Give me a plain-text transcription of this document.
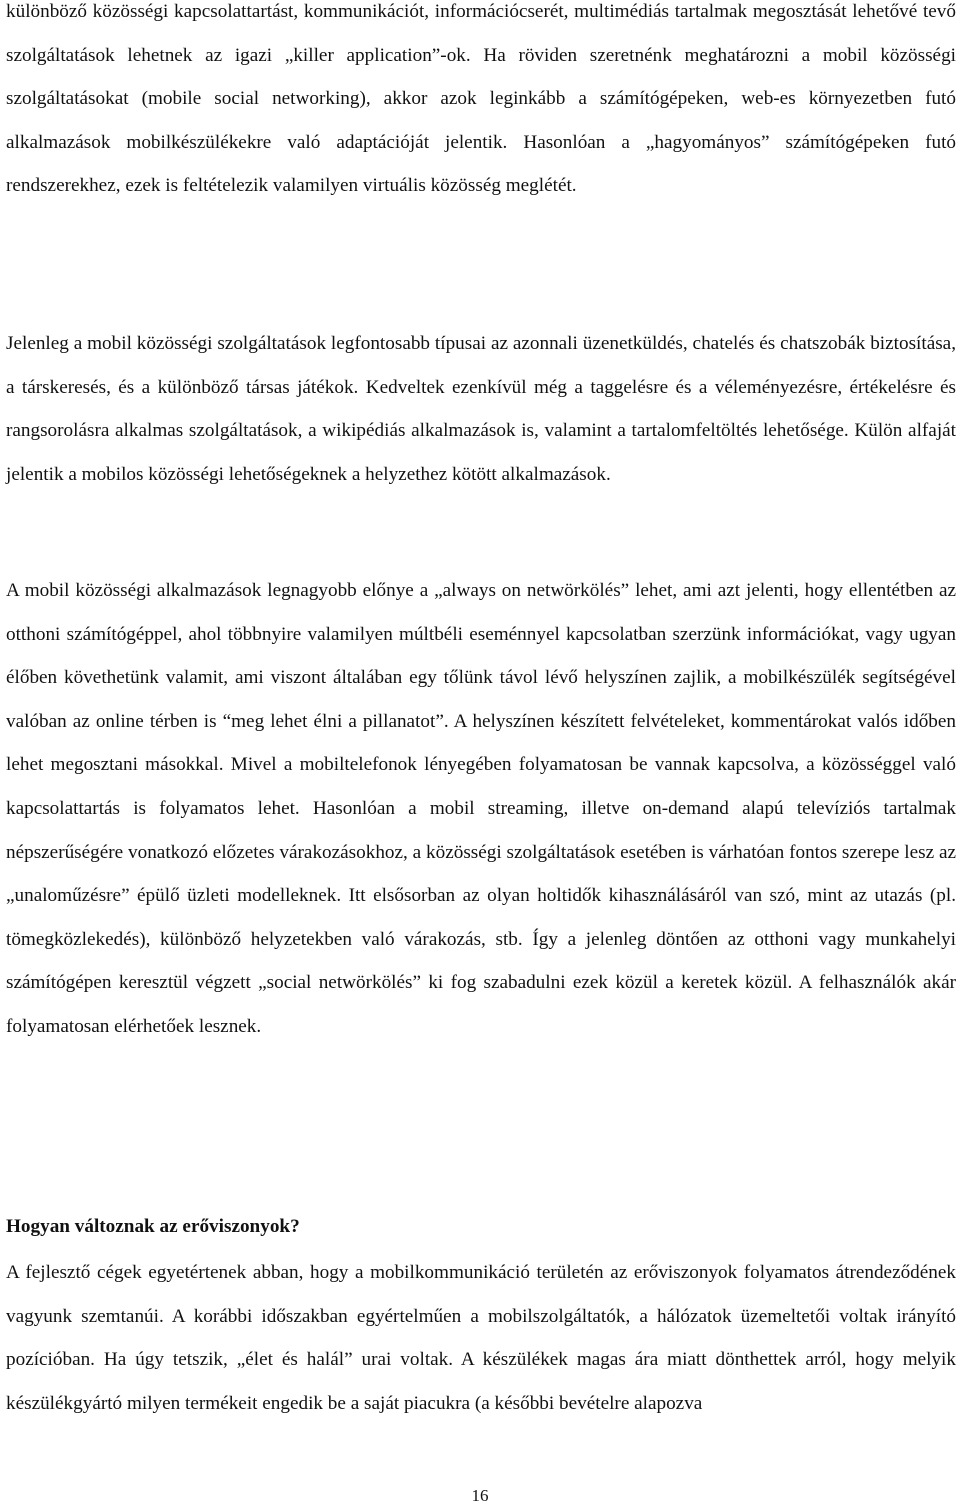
különböző közösségi kapcsolattartást, kommunikációt, információcserét, multimédiás tartalmak megosztását lehetővé tevő szolgáltatások lehetnek az igazi „killer application”-ok. Ha röviden szeretnénk meghatározni a mobil közösségi szolgáltatásokat (mobile social networking), akkor azok leginkább a számítógépeken, web-es környezetben futó alkalmazások mobilkészülékekre való adaptációját jelentik. Hasonlóan a „hagyományos” számítógépeken futó rendszerekhez, ezek is feltételezik valamilyen virtuális közösség meglétét.

Jelenleg a mobil közösségi szolgáltatások legfontosabb típusai az azonnali üzenetküldés, chatelés és chatszobák biztosítása, a társkeresés, és a különböző társas játékok. Kedveltek ezenkívül még a taggelésre és a véleményezésre, értékelésre és rangsorolásra alkalmas szolgáltatások, a wikipédiás alkalmazások is, valamint a tartalomfeltöltés lehetősége. Külön alfaját jelentik a mobilos közösségi lehetőségeknek a helyzethez kötött alkalmazások.

A mobil közösségi alkalmazások legnagyobb előnye a „always on netwörkölés” lehet, ami azt jelenti, hogy ellentétben az otthoni számítógéppel, ahol többnyire valamilyen múltbéli eseménnyel kapcsolatban szerzünk információkat, vagy ugyan élőben követhetünk valamit, ami viszont általában egy tőlünk távol lévő helyszínen zajlik, a mobilkészülék segítségével valóban az online térben is “meg lehet élni a pillanatot”. A helyszínen készített felvételeket, kommentárokat valós időben lehet megosztani másokkal. Mivel a mobiltelefonok lényegében folyamatosan be vannak kapcsolva, a közösséggel való kapcsolattartás is folyamatos lehet. Hasonlóan a mobil streaming, illetve on-demand alapú televíziós tartalmak népszerűségére vonatkozó előzetes várakozásokhoz, a közösségi szolgáltatások esetében is várhatóan fontos szerepe lesz az „unaloműzésre” épülő üzleti modelleknek. Itt elsősorban az olyan holtidők kihasználásáról van szó, mint az utazás (pl. tömegközlekedés), különböző helyzetekben való várakozás, stb. Így a jelenleg döntően az otthoni vagy munkahelyi számítógépen keresztül végzett „social netwörkölés” ki fog szabadulni ezek közül a keretek közül. A felhasználók akár folyamatosan elérhetőek lesznek.

Hogyan változnak az erőviszonyok?

A fejlesztő cégek egyetértenek abban, hogy a mobilkommunikáció területén az erőviszonyok folyamatos átrendeződének vagyunk szemtanúi. A korábbi időszakban egyértelműen a mobilszolgáltatók, a hálózatok üzemeltetői voltak irányító pozícióban. Ha úgy tetszik, „élet és halál” urai voltak. A készülékek magas ára miatt dönthettek arról, hogy melyik készülékgyártó milyen termékeit engedik be a saját piacukra (a későbbi bevételre alapozva

16
